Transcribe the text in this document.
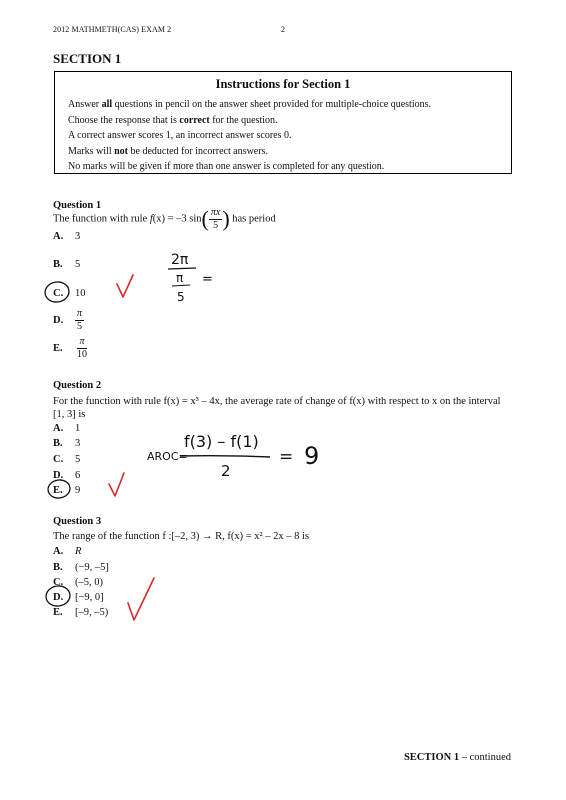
2012 MATHMETH(CAS) EXAM 2	2
SECTION 1
Instructions for Section 1
Answer all questions in pencil on the answer sheet provided for multiple-choice questions.
Choose the response that is correct for the question.
A correct answer scores 1, an incorrect answer scores 0.
Marks will not be deducted for incorrect answers.
No marks will be given if more than one answer is completed for any question.
Question 1
The function with rule f(x) = –3 $\sin( \frac{\pi x}{5}$ ) has period
A. 3
B. 5
C. 10
D. $\frac{\pi}{5}$
E. $\frac{\pi}{10}$
Question 2
For the function with rule f(x) = x³ – 4x, the average rate of change of f(x) with respect to x on the interval
[1, 3] is
A. 1
B. 3
C. 5
D. 6
E. 9
Question 3
The range of the function f :[–2, 3) → R, f(x) = x² – 2x – 8 is
A. R
B. (−9, –5]
C. (–5, 0)
D. [−9, 0]
E. [–9, –5)
2π
π
5
=
AROC=
f(3) – f(1)
2
= 9
SECTION 1 – continued
